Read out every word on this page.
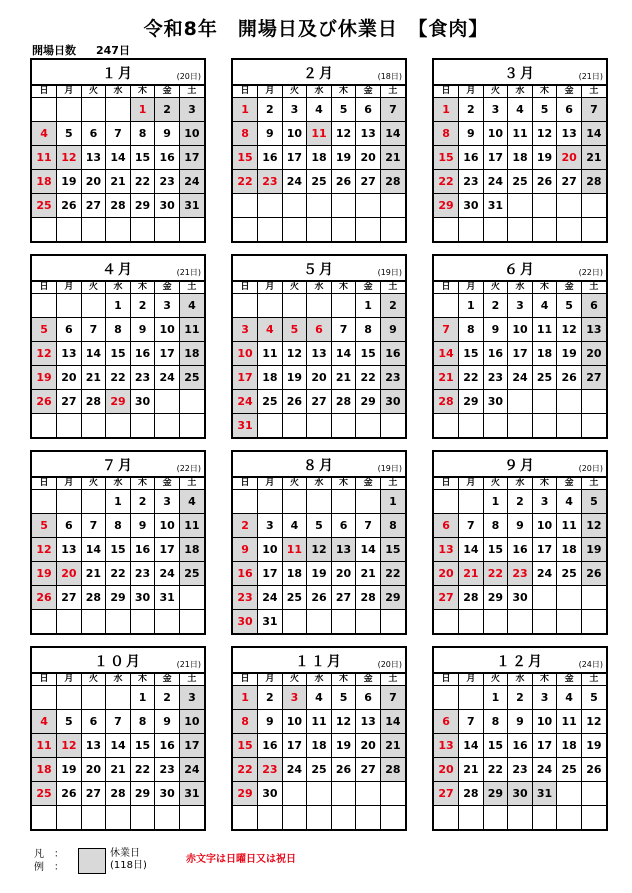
令和8年　開場日及び休業日　【食肉】
開場日数 247日
１月	(20日)
日	月	火	水	木	金	土
				1	2	3
4	5	6	7	8	9	10
11	12	13	14	15	16	17
18	19	20	21	22	23	24
25	26	27	28	29	30	31

２月	(18日)
日	月	火	水	木	金	土
1	2	3	4	5	6	7
8	9	10	11	12	13	14
15	16	17	18	19	20	21
22	23	24	25	26	27	28

３月	(21日)
日	月	火	水	木	金	土
1	2	3	4	5	6	7
8	9	10	11	12	13	14
15	16	17	18	19	20	21
22	23	24	25	26	27	28
29	30	31				

４月	(21日)
日	月	火	水	木	金	土
			1	2	3	4
5	6	7	8	9	10	11
12	13	14	15	16	17	18
19	20	21	22	23	24	25
26	27	28	29	30		

５月	(19日)
日	月	火	水	木	金	土
					1	2
3	4	5	6	7	8	9
10	11	12	13	14	15	16
17	18	19	20	21	22	23
24	25	26	27	28	29	30
31						
６月	(22日)
日	月	火	水	木	金	土
	1	2	3	4	5	6
7	8	9	10	11	12	13
14	15	16	17	18	19	20
21	22	23	24	25	26	27
28	29	30				

７月	(22日)
日	月	火	水	木	金	土
			1	2	3	4
5	6	7	8	9	10	11
12	13	14	15	16	17	18
19	20	21	22	23	24	25
26	27	28	29	30	31	

８月	(19日)
日	月	火	水	木	金	土
						1
2	3	4	5	6	7	8
9	10	11	12	13	14	15
16	17	18	19	20	21	22
23	24	25	26	27	28	29
30	31					
９月	(20日)
日	月	火	水	木	金	土
		1	2	3	4	5
6	7	8	9	10	11	12
13	14	15	16	17	18	19
20	21	22	23	24	25	26
27	28	29	30			

１０月	(21日)
日	月	火	水	木	金	土
				1	2	3
4	5	6	7	8	9	10
11	12	13	14	15	16	17
18	19	20	21	22	23	24
25	26	27	28	29	30	31

１１月	(20日)
日	月	火	水	木	金	土
1	2	3	4	5	6	7
8	9	10	11	12	13	14
15	16	17	18	19	20	21
22	23	24	25	26	27	28
29	30					

１２月	(24日)
日	月	火	水	木	金	土
		1	2	3	4	5
6	7	8	9	10	11	12
13	14	15	16	17	18	19
20	21	22	23	24	25	26
27	28	29	30	31		

凡　 ：
例　 ：
休業日
(118日)
赤文字は日曜日又は祝日
